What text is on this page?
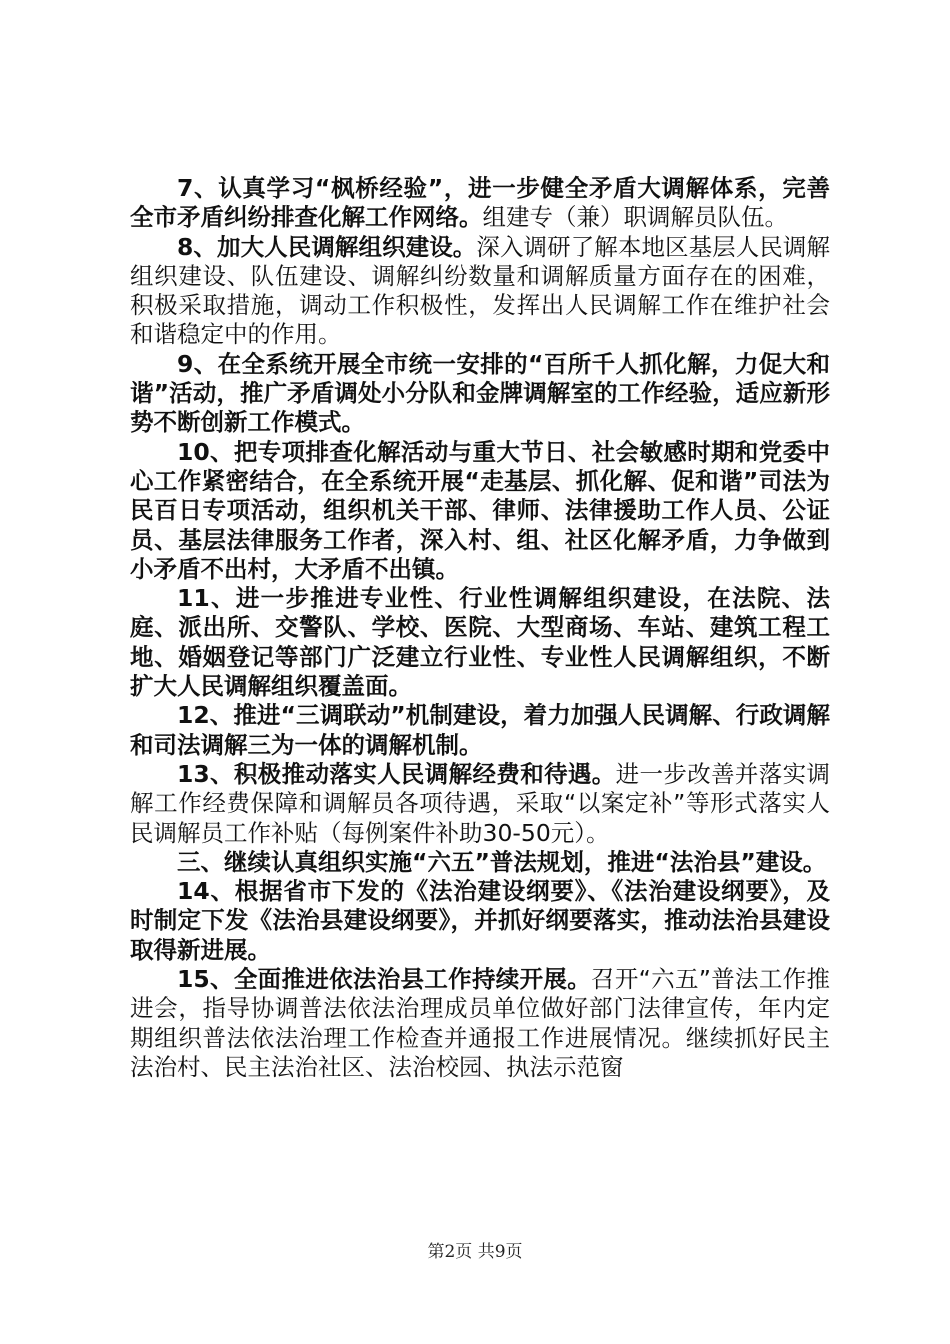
7、认真学习“枫桥经验”，进一步健全矛盾大调解体系，完善全市矛盾纠纷排查化解工作网络。组建专（兼）职调解员队伍。

8、加大人民调解组织建设。深入调研了解本地区基层人民调解组织建设、队伍建设、调解纠纷数量和调解质量方面存在的困难，积极采取措施，调动工作积极性，发挥出人民调解工作在维护社会和谐稳定中的作用。

9、在全系统开展全市统一安排的“百所千人抓化解，力促大和谐”活动，推广矛盾调处小分队和金牌调解室的工作经验，适应新形势不断创新工作模式。

10、把专项排查化解活动与重大节日、社会敏感时期和党委中心工作紧密结合，在全系统开展“走基层、抓化解、促和谐”司法为民百日专项活动，组织机关干部、律师、法律援助工作人员、公证员、基层法律服务工作者，深入村、组、社区化解矛盾，力争做到小矛盾不出村，大矛盾不出镇。

11、进一步推进专业性、行业性调解组织建设，在法院、法庭、派出所、交警队、学校、医院、大型商场、车站、建筑工程工地、婚姻登记等部门广泛建立行业性、专业性人民调解组织，不断扩大人民调解组织覆盖面。

12、推进“三调联动”机制建设，着力加强人民调解、行政调解和司法调解三为一体的调解机制。

13、积极推动落实人民调解经费和待遇。进一步改善并落实调解工作经费保障和调解员各项待遇，采取“以案定补”等形式落实人民调解员工作补贴（每例案件补助30-50元）。

三、继续认真组织实施“六五”普法规划，推进“法治县”建设。

14、根据省市下发的《法治建设纲要》、《法治建设纲要》，及时制定下发《法治县建设纲要》，并抓好纲要落实，推动法治县建设取得新进展。

15、全面推进依法治县工作持续开展。召开“六五”普法工作推进会，指导协调普法依法治理成员单位做好部门法律宣传，年内定期组织普法依法治理工作检查并通报工作进展情况。继续抓好民主法治村、民主法治社区、法治校园、执法示范窗

第2页 共9页
